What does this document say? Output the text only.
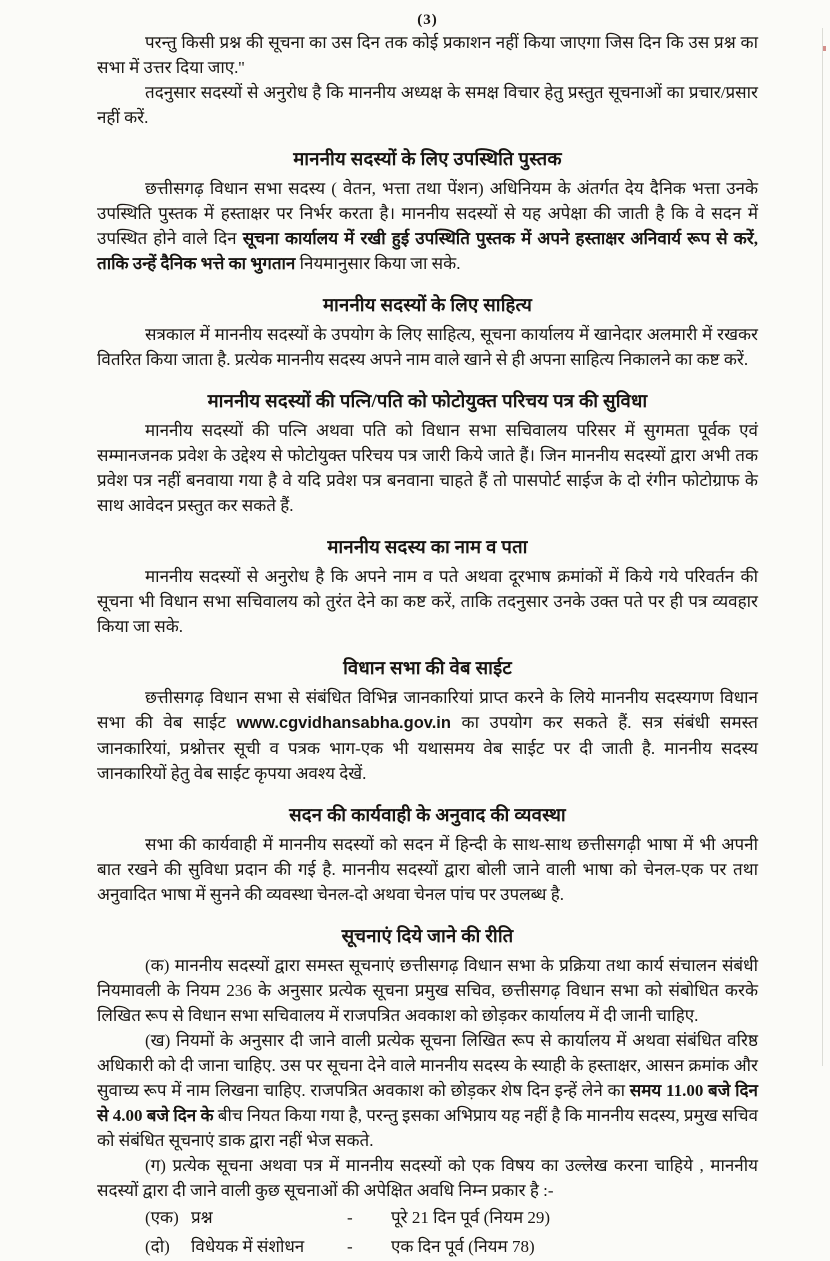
(3)

परन्तु किसी प्रश्न की सूचना का उस दिन तक कोई प्रकाशन नहीं किया जाएगा जिस दिन कि उस प्रश्न का सभा में उत्तर दिया जाए.''

तदनुसार सदस्यों से अनुरोध है कि माननीय अध्यक्ष के समक्ष विचार हेतु प्रस्तुत सूचनाओं का प्रचार/प्रसार नहीं करें.

माननीय सदस्यों के लिए उपस्थिति पुस्तक

छत्तीसगढ़ विधान सभा सदस्य ( वेतन, भत्ता तथा पेंशन) अधिनियम के अंतर्गत देय दैनिक भत्ता उनके उपस्थिति पुस्तक में हस्ताक्षर पर निर्भर करता है। माननीय सदस्यों से यह अपेक्षा की जाती है कि वे सदन में उपस्थित होने वाले दिन सूचना कार्यालय में रखी हुई उपस्थिति पुस्तक में अपने हस्ताक्षर अनिवार्य रूप से करें, ताकि उन्हें दैनिक भत्ते का भुगतान नियमानुसार किया जा सके.

माननीय सदस्यों के लिए साहित्य

सत्रकाल में माननीय सदस्यों के उपयोग के लिए साहित्य, सूचना कार्यालय में खानेदार अलमारी में रखकर वितरित किया जाता है. प्रत्येक माननीय सदस्य अपने नाम वाले खाने से ही अपना साहित्य निकालने का कष्ट करें.

माननीय सदस्यों की पत्नि/पति को फोटोयुक्त परिचय पत्र की सुविधा

माननीय सदस्यों की पत्नि अथवा पति को विधान सभा सचिवालय परिसर में सुगमता पूर्वक एवं सम्मानजनक प्रवेश के उद्देश्य से फोटोयुक्त परिचय पत्र जारी किये जाते हैं। जिन माननीय सदस्यों द्वारा अभी तक प्रवेश पत्र नहीं बनवाया गया है वे यदि प्रवेश पत्र बनवाना चाहते हैं तो पासपोर्ट साईज के दो रंगीन फोटोग्राफ के साथ आवेदन प्रस्तुत कर सकते हैं.

माननीय सदस्य का नाम व पता

माननीय सदस्यों से अनुरोध है कि अपने नाम व पते अथवा दूरभाष क्रमांकों में किये गये परिवर्तन की सूचना भी विधान सभा सचिवालय को तुरंत देने का कष्ट करें, ताकि तदनुसार उनके उक्त पते पर ही पत्र व्यवहार किया जा सके.

विधान सभा की वेब साईट

छत्तीसगढ़ विधान सभा से संबंधित विभिन्न जानकारियां प्राप्त करने के लिये माननीय सदस्यगण विधान सभा की वेब साईट www.cgvidhansabha.gov.in का उपयोग कर सकते हैं. सत्र संबंधी समस्त जानकारियां, प्रश्नोत्तर सूची व पत्रक भाग-एक भी यथासमय वेब साईट पर दी जाती है. माननीय सदस्य जानकारियों हेतु वेब साईट कृपया अवश्य देखें.

सदन की कार्यवाही के अनुवाद की व्यवस्था

सभा की कार्यवाही में माननीय सदस्यों को सदन में हिन्दी के साथ-साथ छत्तीसगढ़ी भाषा में भी अपनी बात रखने की सुविधा प्रदान की गई है. माननीय सदस्यों द्वारा बोली जाने वाली भाषा को चेनल-एक पर तथा अनुवादित भाषा में सुनने की व्यवस्था चेनल-दो अथवा चेनल पांच पर उपलब्ध है.

सूचनाएं दिये जाने की रीति

(क) माननीय सदस्यों द्वारा समस्त सूचनाएं छत्तीसगढ़ विधान सभा के प्रक्रिया तथा कार्य संचालन संबंधी नियमावली के नियम 236 के अनुसार प्रत्येक सूचना प्रमुख सचिव, छत्तीसगढ़ विधान सभा को संबोधित करके लिखित रूप से विधान सभा सचिवालय में राजपत्रित अवकाश को छोड़कर कार्यालय में दी जानी चाहिए.

(ख) नियमों के अनुसार दी जाने वाली प्रत्येक सूचना लिखित रूप से कार्यालय में अथवा संबंधित वरिष्ठ अधिकारी को दी जाना चाहिए. उस पर सूचना देने वाले माननीय सदस्य के स्याही के हस्ताक्षर, आसन क्रमांक और सुवाच्य रूप में नाम लिखना चाहिए. राजपत्रित अवकाश को छोड़कर शेष दिन इन्हें लेने का समय 11.00 बजे दिन से 4.00 बजे दिन के बीच नियत किया गया है, परन्तु इसका अभिप्राय यह नहीं है कि माननीय सदस्य, प्रमुख सचिव को संबंधित सूचनाएं डाक द्वारा नहीं भेज सकते.

(ग) प्रत्येक सूचना अथवा पत्र में माननीय सदस्यों को एक विषय का उल्लेख करना चाहिये , माननीय सदस्यों द्वारा दी जाने वाली कुछ सूचनाओं की अपेक्षित अवधि निम्न प्रकार है :-

(एक) प्रश्न	-	पूरे 21 दिन पूर्व (नियम 29)
(दो)	विधेयक में संशोधन	-	एक दिन पूर्व (नियम 78)
